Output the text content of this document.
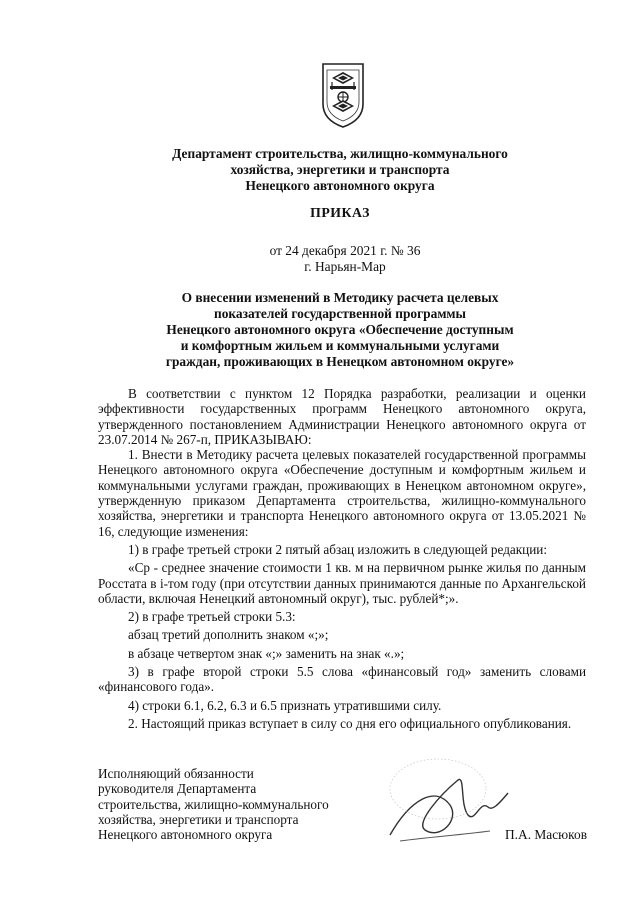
Департамент строительства, жилищно-коммунального
хозяйства, энергетики и транспорта
Ненецкого автономного округа
ПРИКАЗ
от 24 декабря 2021 г. № 36
г. Нарьян-Мар
О внесении изменений в Методику расчета целевых
показателей государственной программы
Ненецкого автономного округа «Обеспечение доступным
и комфортным жильем и коммунальными услугами
граждан, проживающих в Ненецком автономном округе»

В соответствии с пунктом 12 Порядка разработки, реализации и оценки эффективности государственных программ Ненецкого автономного округа, утвержденного постановлением Администрации Ненецкого автономного округа от 23.07.2014 № 267-п, ПРИКАЗЫВАЮ:

1. Внести в Методику расчета целевых показателей государственной программы Ненецкого автономного округа «Обеспечение доступным и комфортным жильем и коммунальными услугами граждан, проживающих в Ненецком автономном округе», утвержденную приказом Департамента строительства, жилищно-коммунального хозяйства, энергетики и транспорта Ненецкого автономного округа от 13.05.2021 № 16, следующие изменения:

1) в графе третьей строки 2 пятый абзац изложить в следующей редакции:

«Ср - среднее значение стоимости 1 кв. м на первичном рынке жилья по данным Росстата в i-том году (при отсутствии данных принимаются данные по Архангельской области, включая Ненецкий автономный округ), тыс. рублей*;».

2) в графе третьей строки 5.3:

абзац третий дополнить знаком «;»;

в абзаце четвертом знак «;» заменить на знак «.»;

3) в графе второй строки 5.5 слова «финансовый год» заменить словами «финансового года».

4) строки 6.1, 6.2, 6.3 и 6.5 признать утратившими силу.

2. Настоящий приказ вступает в силу со дня его официального опубликования.

Исполняющий обязанности
руководителя Департамента
строительства, жилищно-коммунального
хозяйства, энергетики и транспорта
Ненецкого автономного округа	П.А. Масюков
